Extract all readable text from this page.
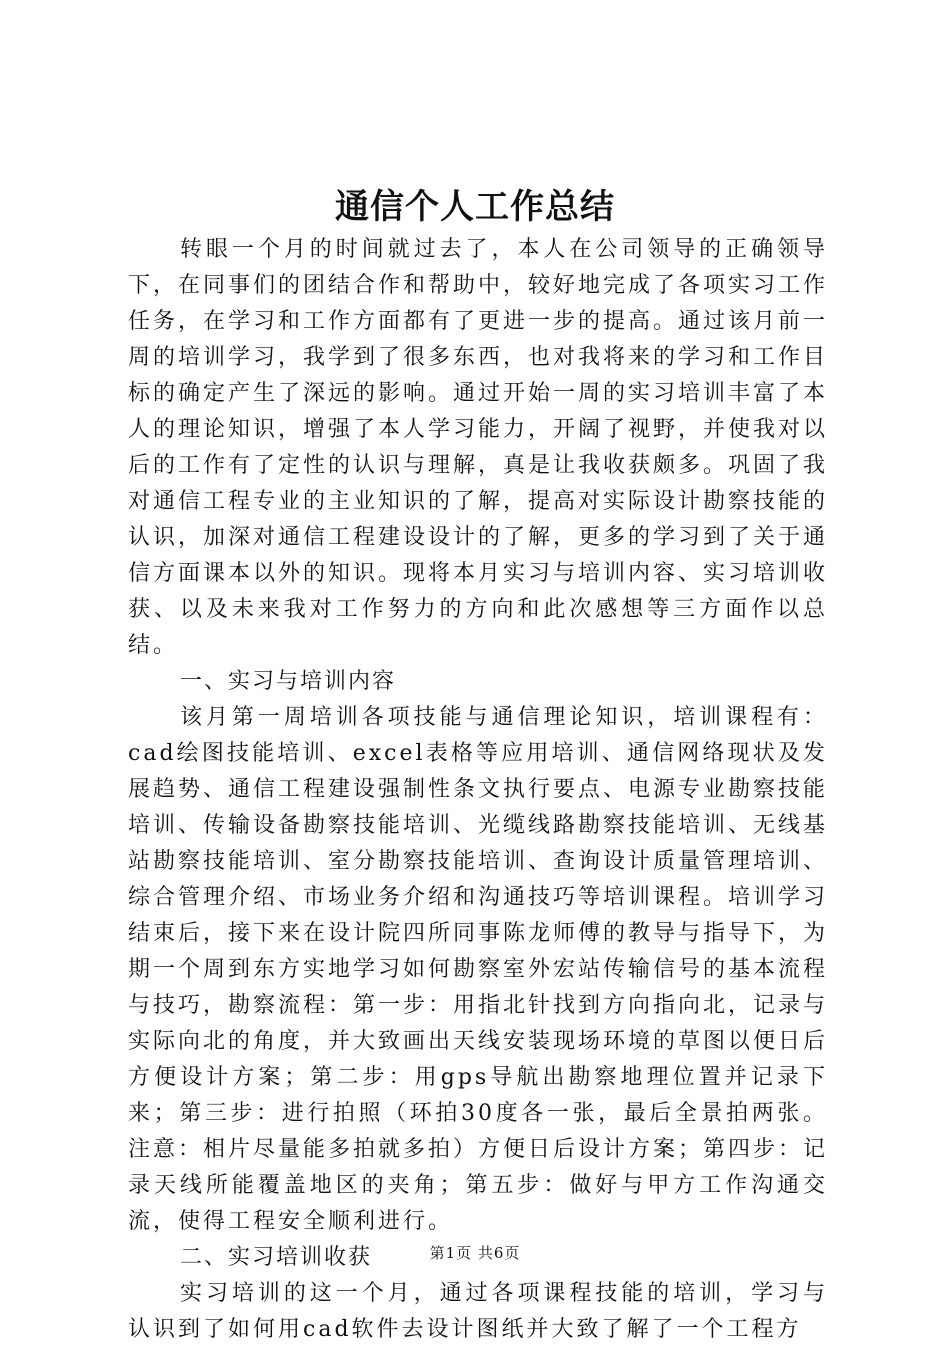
通信个人工作总结

转眼一个月的时间就过去了，本人在公司领导的正确领导下，在同事们的团结合作和帮助中，较好地完成了各项实习工作任务，在学习和工作方面都有了更进一步的提高。通过该月前一周的培训学习，我学到了很多东西，也对我将来的学习和工作目标的确定产生了深远的影响。通过开始一周的实习培训丰富了本人的理论知识，增强了本人学习能力，开阔了视野，并使我对以后的工作有了定性的认识与理解，真是让我收获颇多。巩固了我对通信工程专业的主业知识的了解，提高对实际设计勘察技能的认识，加深对通信工程建设设计的了解，更多的学习到了关于通信方面课本以外的知识。现将本月实习与培训内容、实习培训收获、以及未来我对工作努力的方向和此次感想等三方面作以总结。

一、实习与培训内容

该月第一周培训各项技能与通信理论知识，培训课程有：cad绘图技能培训、excel表格等应用培训、通信网络现状及发展趋势、通信工程建设强制性条文执行要点、电源专业勘察技能培训、传输设备勘察技能培训、光缆线路勘察技能培训、无线基站勘察技能培训、室分勘察技能培训、查询设计质量管理培训、综合管理介绍、市场业务介绍和沟通技巧等培训课程。培训学习结束后，接下来在设计院四所同事陈龙师傅的教导与指导下，为期一个周到东方实地学习如何勘察室外宏站传输信号的基本流程与技巧，勘察流程：第一步：用指北针找到方向指向北，记录与实际向北的角度，并大致画出天线安装现场环境的草图以便日后方便设计方案；第二步：用gps导航出勘察地理位置并记录下来；第三步：进行拍照（环拍30度各一张，最后全景拍两张。注意：相片尽量能多拍就多拍）方便日后设计方案；第四步：记录天线所能覆盖地区的夹角；第五步：做好与甲方工作沟通交流，使得工程安全顺利进行。

二、实习培训收获

实习培训的这一个月，通过各项课程技能的培训，学习与认识到了如何用cad软件去设计图纸并大致了解了一个工程方

第1页 共6页
